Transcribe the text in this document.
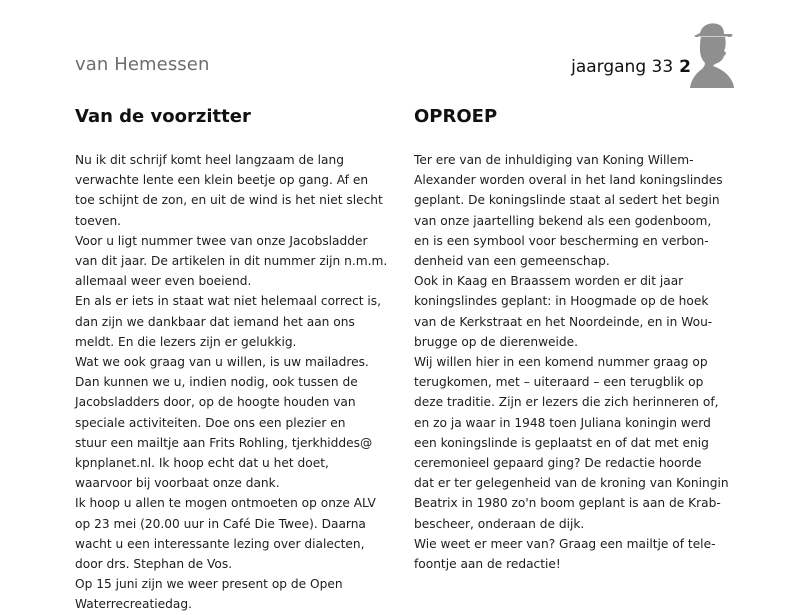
van Hemessen	jaargang 33 2
Van de voorzitter

Nu ik dit schrijf komt heel langzaam de lang
verwachte lente een klein beetje op gang. Af en
toe schijnt de zon, en uit de wind is het niet slecht
toeven.
Voor u ligt nummer twee van onze Jacobsladder
van dit jaar. De artikelen in dit nummer zijn n.m.m.
allemaal weer even boeiend.
En als er iets in staat wat niet helemaal correct is,
dan zijn we dankbaar dat iemand het aan ons
meldt. En die lezers zijn er gelukkig.
Wat we ook graag van u willen, is uw mailadres.
Dan kunnen we u, indien nodig, ook tussen de
Jacobsladders door, op de hoogte houden van
speciale activiteiten. Doe ons een plezier en
stuur een mailtje aan Frits Rohling, tjerkhiddes@
kpnplanet.nl. Ik hoop echt dat u het doet,
waarvoor bij voorbaat onze dank.
Ik hoop u allen te mogen ontmoeten op onze ALV
op 23 mei (20.00 uur in Café Die Twee). Daarna
wacht u een interessante lezing over dialecten,
door drs. Stephan de Vos.
Op 15 juni zijn we weer present op de Open
Waterrecreatiedag.

OPROEP

Ter ere van de inhuldiging van Koning Willem-
Alexander worden overal in het land koningslindes
geplant. De koningslinde staat al sedert het begin
van onze jaartelling bekend als een godenboom,
en is een symbool voor bescherming en verbon-
denheid van een gemeenschap.
Ook in Kaag en Braassem worden er dit jaar
koningslindes geplant: in Hoogmade op de hoek
van de Kerkstraat en het Noordeinde, en in Wou-
brugge op de dierenweide.
Wij willen hier in een komend nummer graag op
terugkomen, met – uiteraard – een terugblik op
deze traditie. Zijn er lezers die zich herinneren of,
en zo ja waar in 1948 toen Juliana koningin werd
een koningslinde is geplaatst en of dat met enig
ceremonieel gepaard ging? De redactie hoorde
dat er ter gelegenheid van de kroning van Koningin
Beatrix in 1980 zo'n boom geplant is aan de Krab-
bescheer, onderaan de dijk.
Wie weet er meer van? Graag een mailtje of tele-
foontje aan de redactie!
